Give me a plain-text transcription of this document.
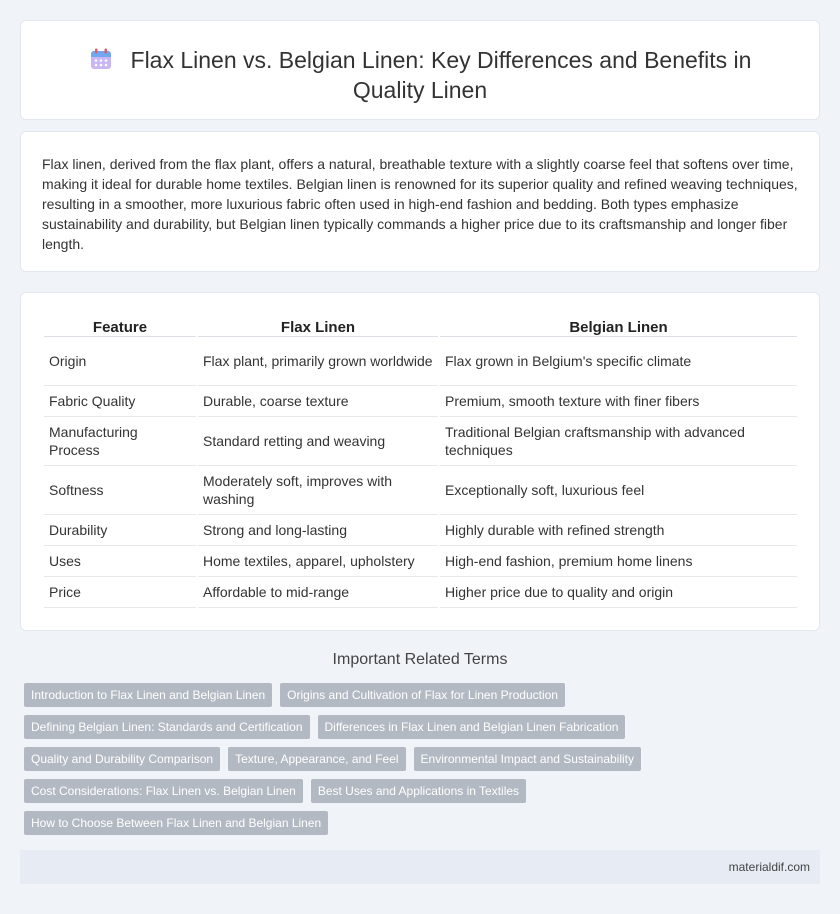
Flax Linen vs. Belgian Linen: Key Differences and Benefits in Quality Linen

Flax linen, derived from the flax plant, offers a natural, breathable texture with a slightly coarse feel that softens over time, making it ideal for durable home textiles. Belgian linen is renowned for its superior quality and refined weaving techniques, resulting in a smoother, more luxurious fabric often used in high-end fashion and bedding. Both types emphasize sustainability and durability, but Belgian linen typically commands a higher price due to its craftsmanship and longer fiber length.

Feature	Flax Linen	Belgian Linen
Origin	Flax plant, primarily grown worldwide	Flax grown in Belgium's specific climate
Fabric Quality	Durable, coarse texture	Premium, smooth texture with finer fibers
Manufacturing Process	Standard retting and weaving	Traditional Belgian craftsmanship with advanced techniques
Softness	Moderately soft, improves with washing	Exceptionally soft, luxurious feel
Durability	Strong and long-lasting	Highly durable with refined strength
Uses	Home textiles, apparel, upholstery	High-end fashion, premium home linens
Price	Affordable to mid-range	Higher price due to quality and origin
Important Related Terms
Introduction to Flax Linen and Belgian Linen	Origins and Cultivation of Flax for Linen Production
Defining Belgian Linen: Standards and Certification	Differences in Flax Linen and Belgian Linen Fabrication
Quality and Durability Comparison	Texture, Appearance, and Feel	Environmental Impact and Sustainability
Cost Considerations: Flax Linen vs. Belgian Linen	Best Uses and Applications in Textiles
How to Choose Between Flax Linen and Belgian Linen
materialdif.com
